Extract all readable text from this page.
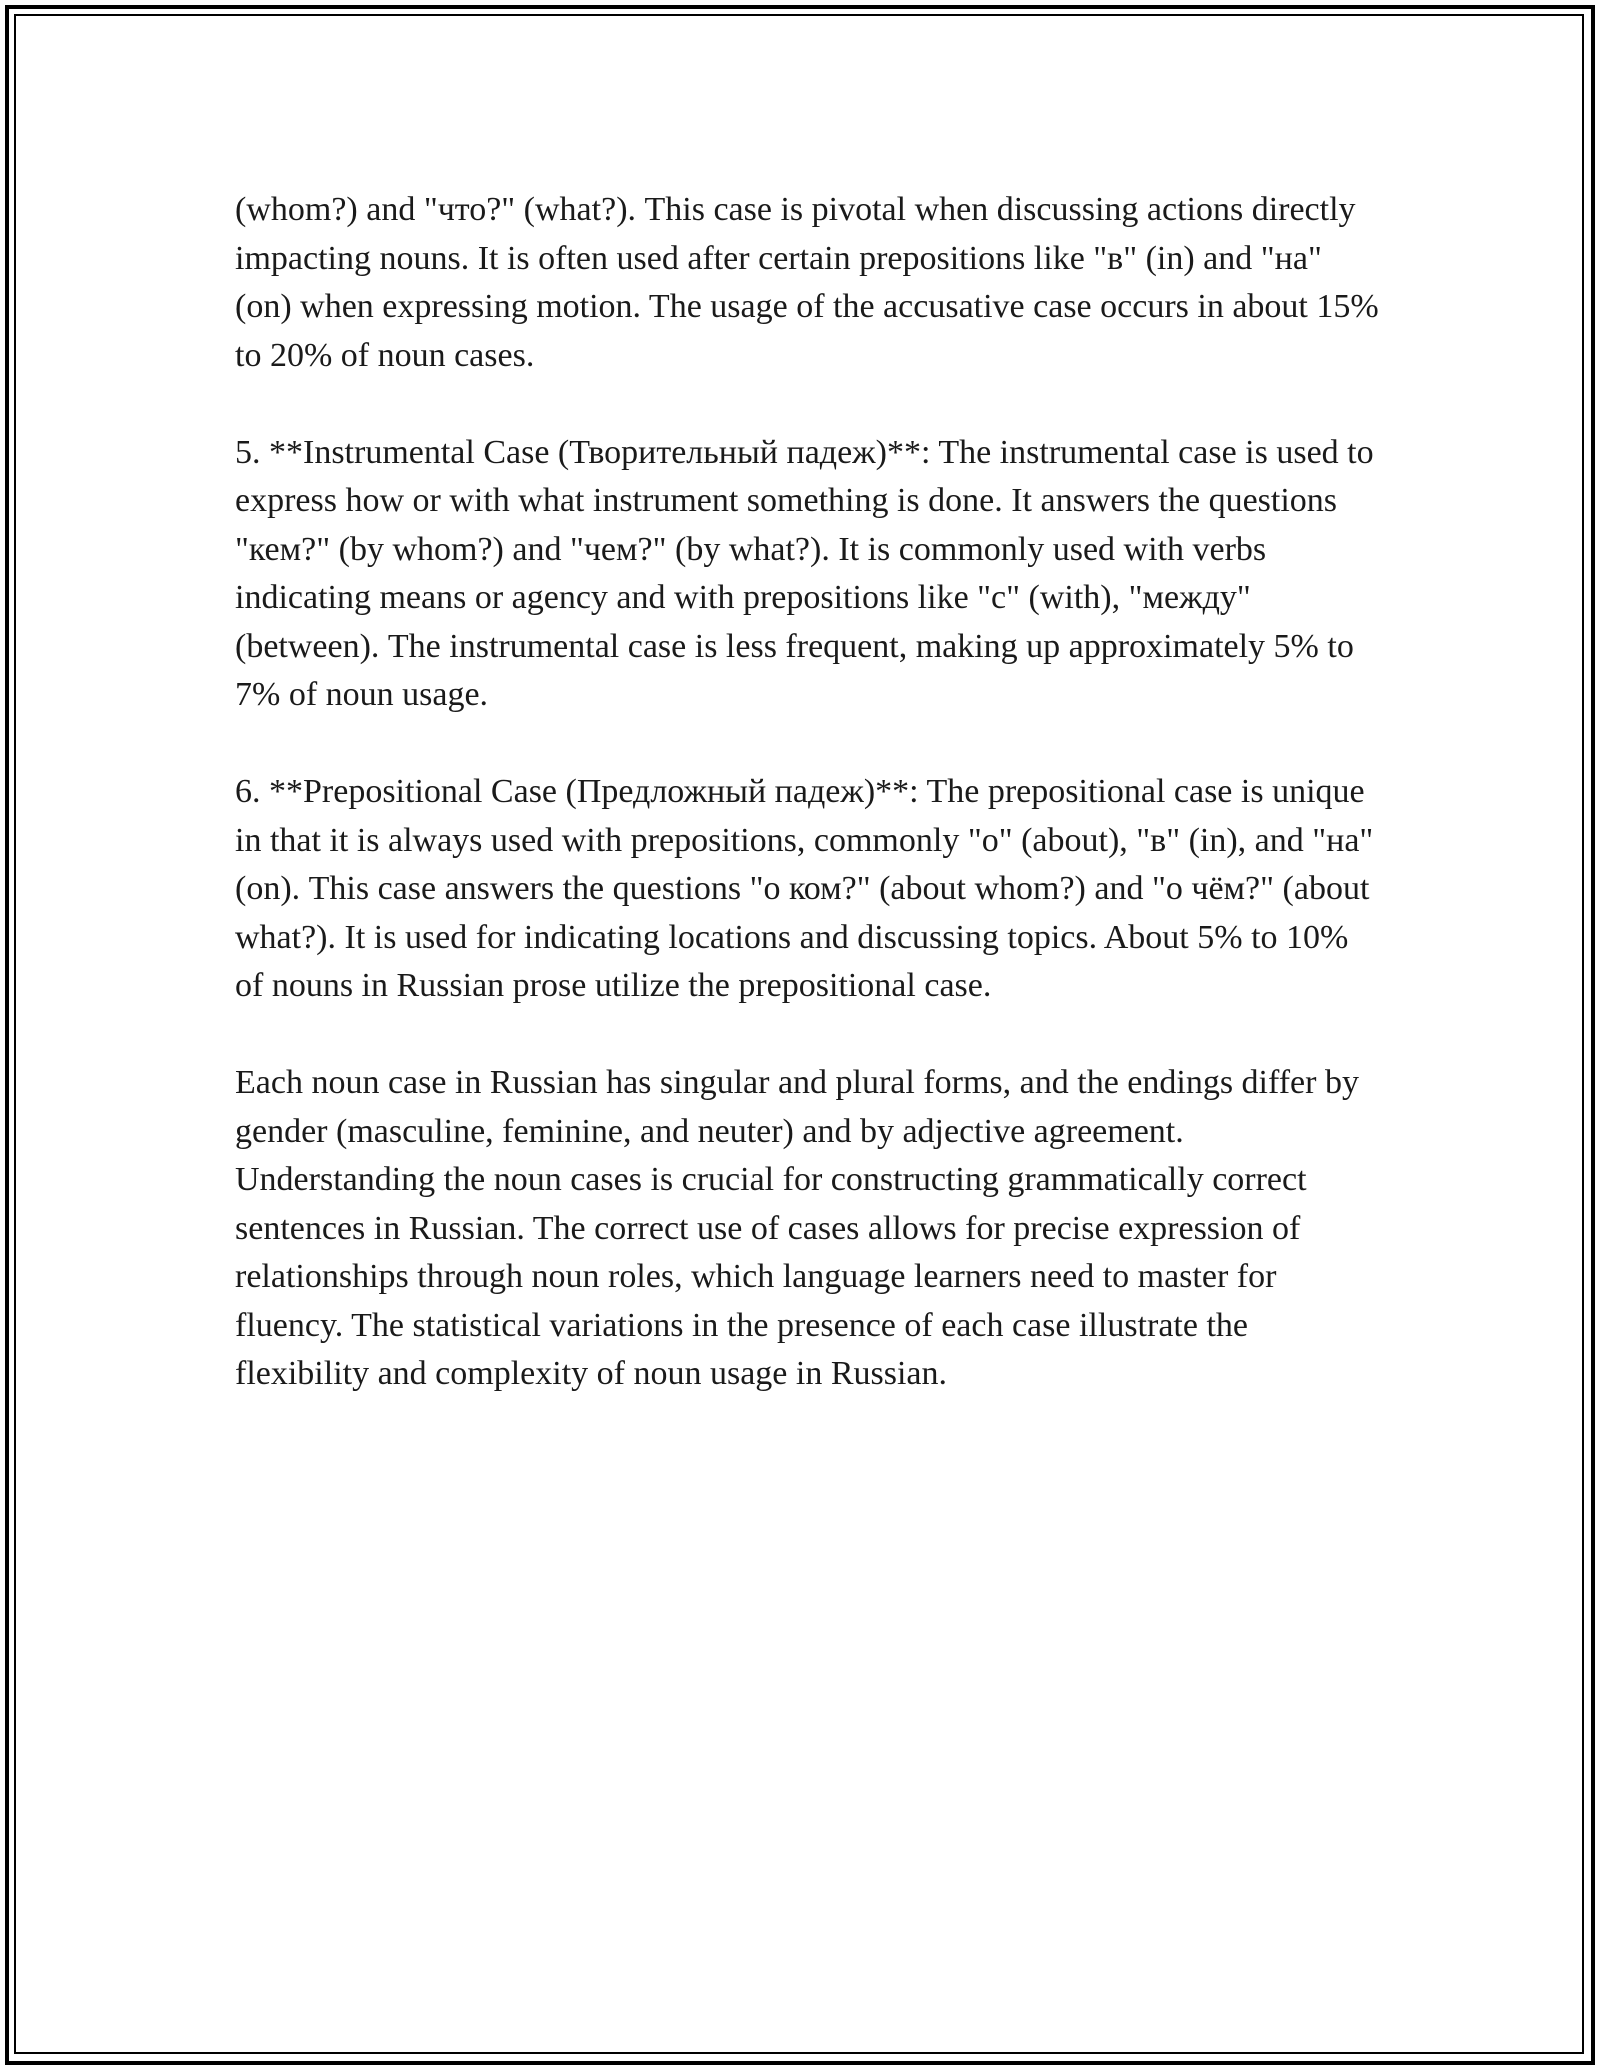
(whom?) and "что?" (what?). This case is pivotal when discussing actions directly impacting nouns. It is often used after certain prepositions like "в" (in) and "на" (on) when expressing motion. The usage of the accusative case occurs in about 15% to 20% of noun cases.

5. **Instrumental Case (Творительный падеж)**: The instrumental case is used to express how or with what instrument something is done. It answers the questions "кем?" (by whom?) and "чем?" (by what?). It is commonly used with verbs indicating means or agency and with prepositions like "с" (with), "между" (between). The instrumental case is less frequent, making up approximately 5% to 7% of noun usage.

6. **Prepositional Case (Предложный падеж)**: The prepositional case is unique in that it is always used with prepositions, commonly "о" (about), "в" (in), and "на" (on). This case answers the questions "о ком?" (about whom?) and "о чём?" (about what?). It is used for indicating locations and discussing topics. About 5% to 10% of nouns in Russian prose utilize the prepositional case.

Each noun case in Russian has singular and plural forms, and the endings differ by gender (masculine, feminine, and neuter) and by adjective agreement. Understanding the noun cases is crucial for constructing grammatically correct sentences in Russian. The correct use of cases allows for precise expression of relationships through noun roles, which language learners need to master for fluency. The statistical variations in the presence of each case illustrate the flexibility and complexity of noun usage in Russian.
